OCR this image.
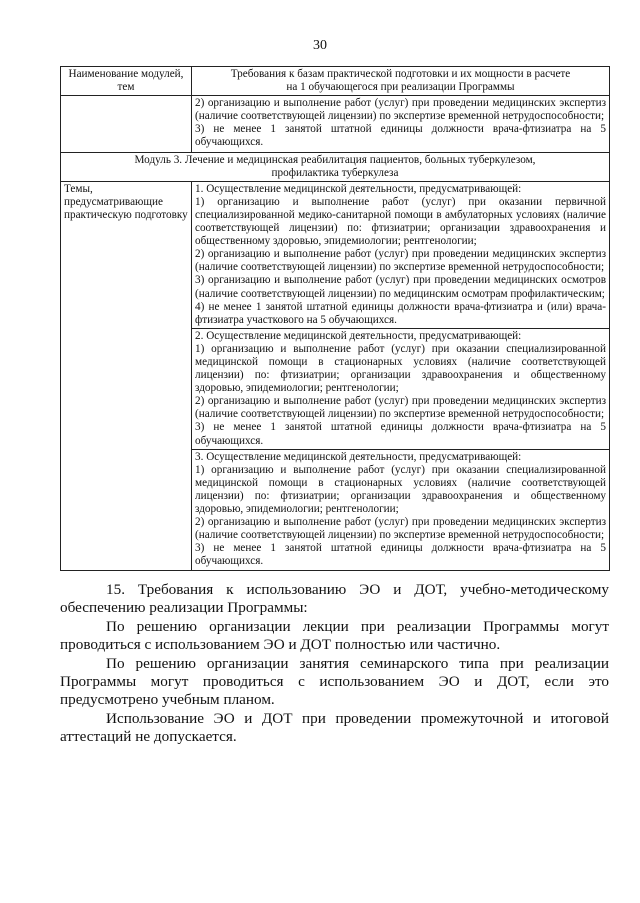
30
Наименование модулей, тем	Требования к базам практической подготовки и их мощности в расчете
на 1 обучающегося при реализации Программы

	2) организацию и выполнение работ (услуг) при проведении медицинских экспертиз (наличие соответствующей лицензии) по экспертизе временной нетрудоспособности;

3) не менее 1 занятой штатной единицы должности врача-фтизиатра на 5 обучающихся.

Модуль 3. Лечение и медицинская реабилитация пациентов, больных туберкулезом,
профилактика туберкулеза	

Темы, предусматривающие практическую подготовку	1. Осуществление медицинской деятельности, предусматривающей:

1) организацию и выполнение работ (услуг) при оказании первичной специализированной медико-санитарной помощи в амбулаторных условиях (наличие соответствующей лицензии) по: фтизиатрии; организации здравоохранения и общественному здоровью, эпидемиологии; рентгенологии;

2) организацию и выполнение работ (услуг) при проведении медицинских экспертиз (наличие соответствующей лицензии) по экспертизе временной нетрудоспособности;

3) организацию и выполнение работ (услуг) при проведении медицинских осмотров (наличие соответствующей лицензии) по медицинским осмотрам профилактическим;

4) не менее 1 занятой штатной единицы должности врача-фтизиатра и (или) врача-фтизиатра участкового на 5 обучающихся.

	2. Осуществление медицинской деятельности, предусматривающей:

1) организацию и выполнение работ (услуг) при оказании специализированной медицинской помощи в стационарных условиях (наличие соответствующей лицензии) по: фтизиатрии; организации здравоохранения и общественному здоровью, эпидемиологии; рентгенологии;

2) организацию и выполнение работ (услуг) при проведении медицинских экспертиз (наличие соответствующей лицензии) по экспертизе временной нетрудоспособности;

3) не менее 1 занятой штатной единицы должности врача-фтизиатра на 5 обучающихся.

	3. Осуществление медицинской деятельности, предусматривающей:

1) организацию и выполнение работ (услуг) при оказании специализированной медицинской помощи в стационарных условиях (наличие соответствующей лицензии) по: фтизиатрии; организации здравоохранения и общественному здоровью, эпидемиологии; рентгенологии;

2) организацию и выполнение работ (услуг) при проведении медицинских экспертиз (наличие соответствующей лицензии) по экспертизе временной нетрудоспособности;

3) не менее 1 занятой штатной единицы должности врача-фтизиатра на 5 обучающихся.

15. Требования к использованию ЭО и ДОТ, учебно-методическому обеспечению реализации Программы:

По решению организации лекции при реализации Программы могут проводиться с использованием ЭО и ДОТ полностью или частично.

По решению организации занятия семинарского типа при реализации Программы могут проводиться с использованием ЭО и ДОТ, если это предусмотрено учебным планом.

Использование ЭО и ДОТ при проведении промежуточной и итоговой аттестаций не допускается.
